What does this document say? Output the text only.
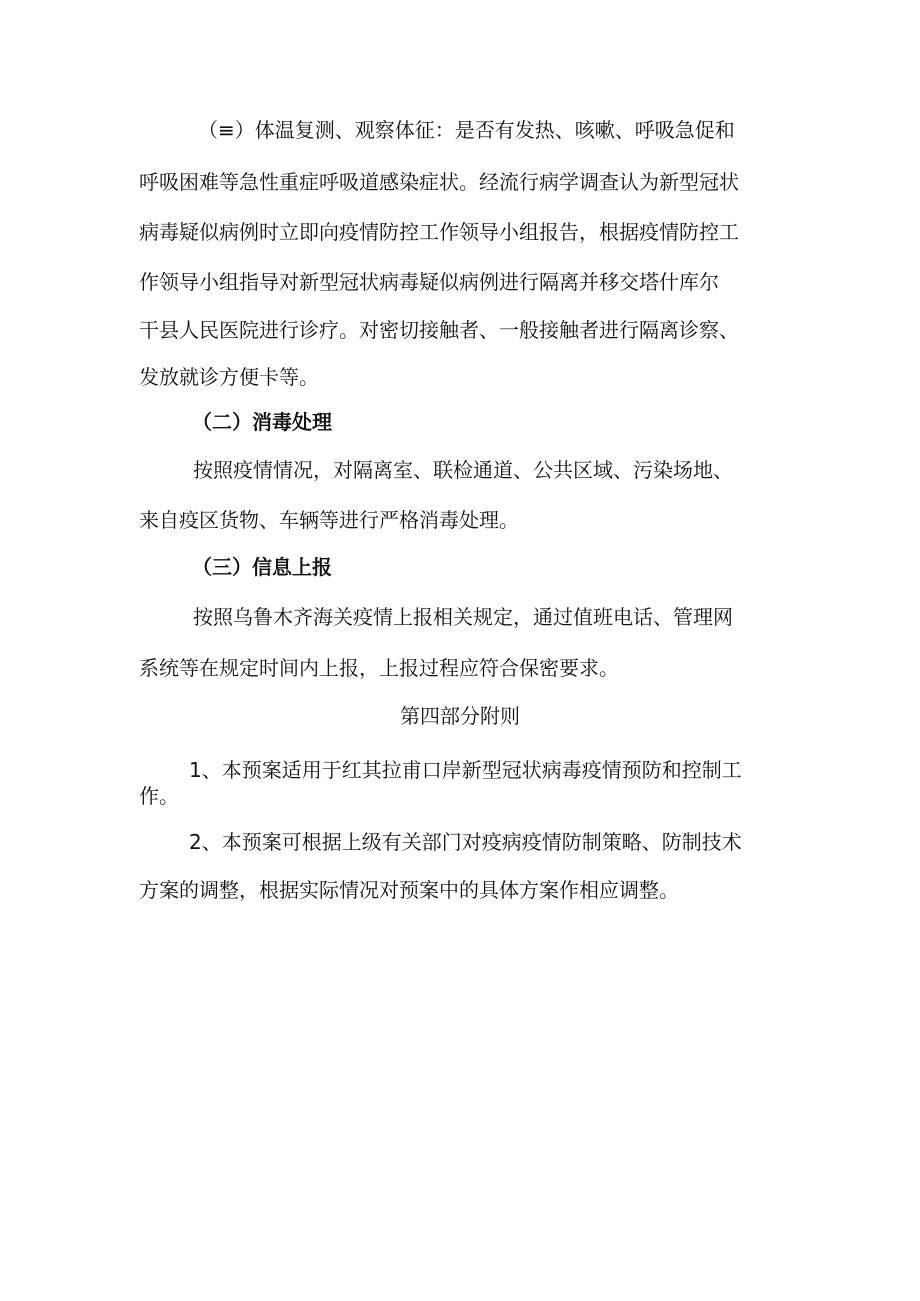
（≡）体温复测、观察体征：是否有发热、咳嗽、呼吸急促和

呼吸困难等急性重症呼吸道感染症状。经流行病学调查认为新型冠状

病毒疑似病例时立即向疫情防控工作领导小组报告，根据疫情防控工

作领导小组指导对新型冠状病毒疑似病例进行隔离并移交塔什库尔

干县人民医院进行诊疗。对密切接触者、一般接触者进行隔离诊察、

发放就诊方便卡等。

（二）消毒处理

按照疫情情况，对隔离室、联检通道、公共区域、污染场地、

来自疫区货物、车辆等进行严格消毒处理。

（三）信息上报

按照乌鲁木齐海关疫情上报相关规定，通过值班电话、管理网

系统等在规定时间内上报，上报过程应符合保密要求。

第四部分附则

1、本预案适用于红其拉甫口岸新型冠状病毒疫情预防和控制工

作。

2、本预案可根据上级有关部门对疫病疫情防制策略、防制技术

方案的调整，根据实际情况对预案中的具体方案作相应调整。
